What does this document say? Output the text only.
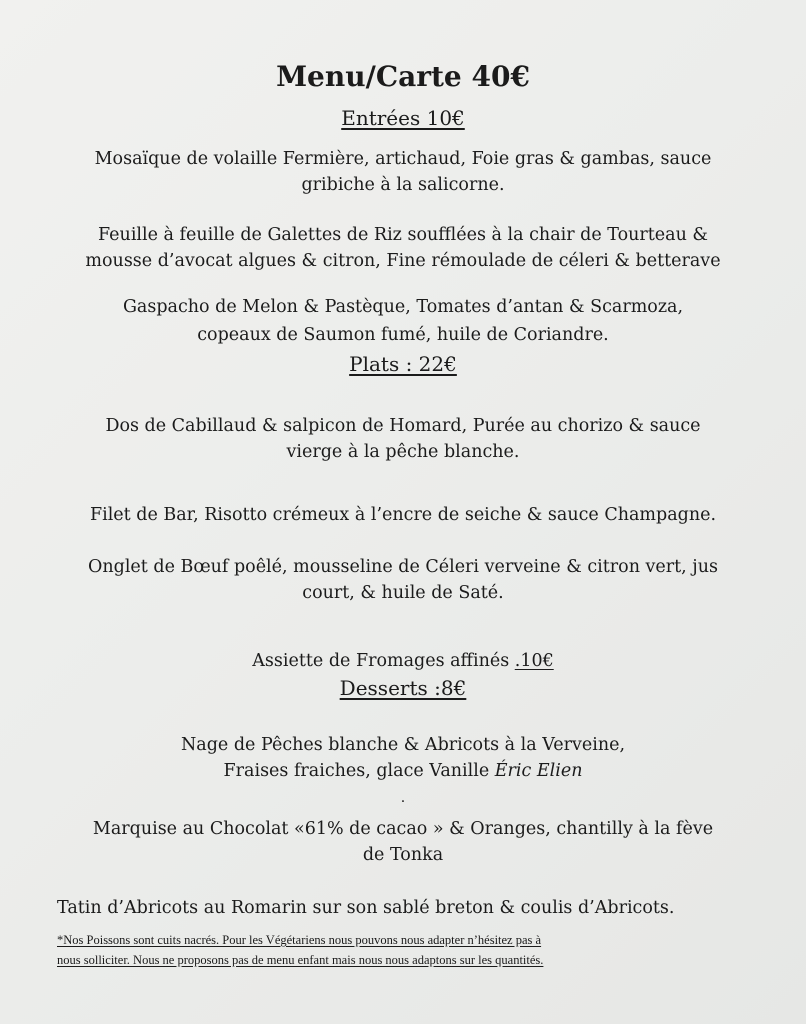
Menu/Carte 40€
Entrées 10€

Mosaïque de volaille Fermière, artichaud, Foie gras & gambas, sauce

gribiche à la salicorne.

Feuille à feuille de Galettes de Riz soufflées à la chair de Tourteau &

mousse d’avocat algues & citron, Fine rémoulade de céleri & betterave

Gaspacho de Melon & Pastèque, Tomates d’antan & Scarmoza,

copeaux de Saumon fumé, huile de Coriandre.

Plats : 22€

Dos de Cabillaud & salpicon de Homard, Purée au chorizo & sauce

vierge à la pêche blanche.

Filet de Bar, Risotto crémeux à l’encre de seiche & sauce Champagne.

Onglet de Bœuf poêlé, mousseline de Céleri verveine & citron vert, jus

court, & huile de Saté.

Assiette de Fromages affinés .10€

Desserts :8€

Nage de Pêches blanche & Abricots à la Verveine,

Fraises fraiches, glace Vanille Éric Elien

.

Marquise au Chocolat «61% de cacao » & Oranges, chantilly à la fève

de Tonka

Tatin d’Abricots au Romarin sur son sablé breton & coulis d’Abricots.

*Nos Poissons sont cuits nacrés. Pour les Végétariens nous pouvons nous adapter n’hésitez pas à

nous solliciter. Nous ne proposons pas de menu enfant mais nous nous adaptons sur les quantités.
